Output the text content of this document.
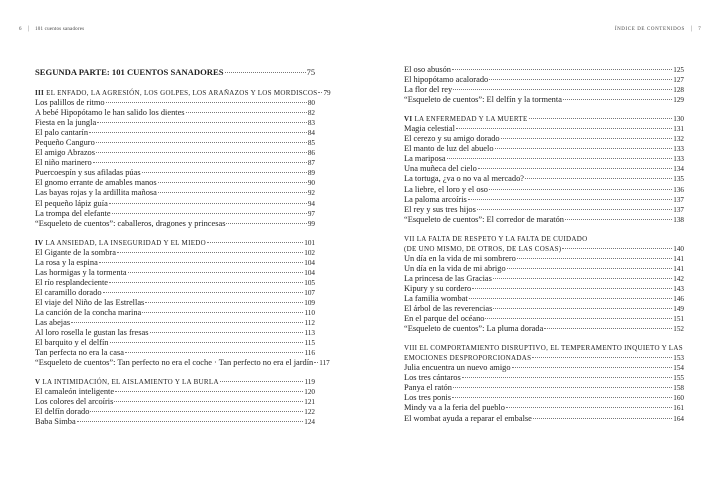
6 | 101 cuentos sanadores
SEGUNDA PARTE: 101 CUENTOS SANADORES	75
III EL ENFADO, LA AGRESIÓN, LOS GOLPES, LOS ARAÑAZOS Y LOS MORDISCOS 79
Los palillos de ritmo	80
A bebé Hipopótamo le han salido los dientes	82
Fiesta en la jungla	83
El palo cantarín	84
Pequeño Canguro	85
El amigo Abrazos	86
El niño marinero	87
Puercoespín y sus afiladas púas	89
El gnomo errante de amables manos	90
Las bayas rojas y la ardillita mañosa	92
El pequeño lápiz guía	94
La trompa del elefante	97
“Esqueleto de cuentos”: caballeros, dragones y princesas	99
IV LA ANSIEDAD, LA INSEGURIDAD Y EL MIEDO	101
El Gigante de la sombra	102
La rosa y la espina	104
Las hormigas y la tormenta	104
El río resplandeciente	105
El caramillo dorado	107
El viaje del Niño de las Estrellas	109
La canción de la concha marina	110
Las abejas	112
Al loro rosella le gustan las fresas	113
El barquito y el delfín	115
Tan perfecta no era la casa	116
“Esqueleto de cuentos”: Tan perfecto no era el coche · Tan perfecto no era el jardín 117
V LA INTIMIDACIÓN, EL AISLAMIENTO Y LA BURLA	119
El camaleón inteligente	120
Los colores del arcoíris	121
El delfín dorado	122
Baba Simba	124
ÍNDICE DE CONTENIDOS | 7
El oso abusón	125
El hipopótamo acalorado	127
La flor del rey	128
“Esqueleto de cuentos”: El delfín y la tormenta	129
VI LA ENFERMEDAD Y LA MUERTE	130
Magia celestial	131
El cerezo y su amigo dorado	132
El manto de luz del abuelo	133
La mariposa	133
Una muñeca del cielo	134
La tortuga, ¿va o no va al mercado?	135
La liebre, el loro y el oso	136
La paloma arcoíris	137
El rey y sus tres hijos	137
“Esqueleto de cuentos”: El corredor de maratón	138
VII LA FALTA DE RESPETO Y LA FALTA DE CUIDADO
(DE UNO MISMO, DE OTROS, DE LAS COSAS)	140
Un día en la vida de mi sombrero	141
Un día en la vida de mi abrigo	141
La princesa de las Gracias	142
Kipury y su cordero	143
La familia wombat	146
El árbol de las reverencias	149
En el parque del océano	151
“Esqueleto de cuentos”: La pluma dorada	152
VIII EL COMPORTAMIENTO DISRUPTIVO, EL TEMPERAMENTO INQUIETO Y LAS
EMOCIONES DESPROPORCIONADAS	153
Julia encuentra un nuevo amigo	154
Los tres cántaros	155
Panya el ratón	158
Los tres ponis	160
Mindy va a la feria del pueblo	161
El wombat ayuda a reparar el embalse	164
